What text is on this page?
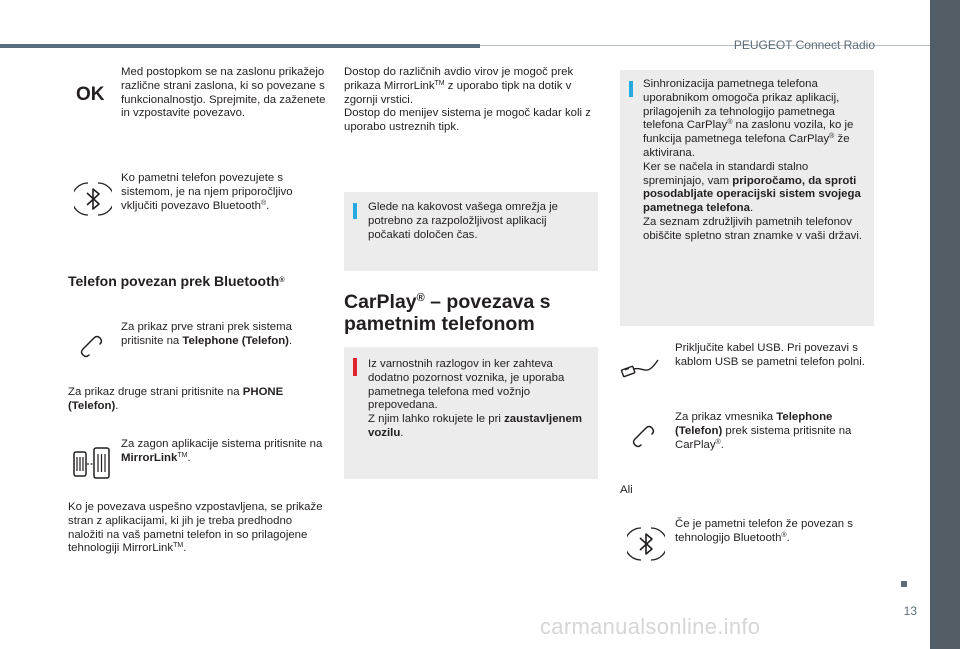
PEUGEOT Connect Radio
13
OK
Med postopkom se na zaslonu prikažejo različne strani zaslona, ki so povezane s funkcionalnostjo. Sprejmite, da zaženete in vzpostavite povezavo.
Ko pametni telefon povezujete s sistemom, je na njem priporočljivo vključiti povezavo Bluetooth®.
Telefon povezan prek Bluetooth®
Za prikaz prve strani prek sistema pritisnite na Telephone (Telefon).
Za prikaz druge strani pritisnite na PHONE (Telefon).
Za zagon aplikacije sistema pritisnite na MirrorLink™.
Ko je povezava uspešno vzpostavljena, se prikaže stran z aplikacijami, ki jih je treba predhodno naložiti na vaš pametni telefon in so prilagojene tehnologiji MirrorLink™.
Dostop do različnih avdio virov je mogoč prek prikaza MirrorLink™ z uporabo tipk na dotik v zgornji vrstici.
Dostop do menijev sistema je mogoč kadar koli z uporabo ustreznih tipk.
Glede na kakovost vašega omrežja je potrebno za razpoložljivost aplikacij počakati določen čas.
CarPlay® – povezava s pametnim telefonom
Iz varnostnih razlogov in ker zahteva dodatno pozornost voznika, je uporaba pametnega telefona med vožnjo prepovedana.
Z njim lahko rokujete le pri zaustavljenem vozilu.
Sinhronizacija pametnega telefona uporabnikom omogoča prikaz aplikacij, prilagojenih za tehnologijo pametnega telefona CarPlay® na zaslonu vozila, ko je funkcija pametnega telefona CarPlay® že aktivirana.
Ker se načela in standardi stalno spreminjajo, vam priporočamo, da sproti posodabljate operacijski sistem svojega pametnega telefona.
Za seznam združljivih pametnih telefonov obiščite spletno stran znamke v vaši državi.
Priključite kabel USB. Pri povezavi s kablom USB se pametni telefon polni.
Za prikaz vmesnika Telephone (Telefon) prek sistema pritisnite na CarPlay®.
Ali
Če je pametni telefon že povezan s tehnologijo Bluetooth®.
carmanualsonline.info
